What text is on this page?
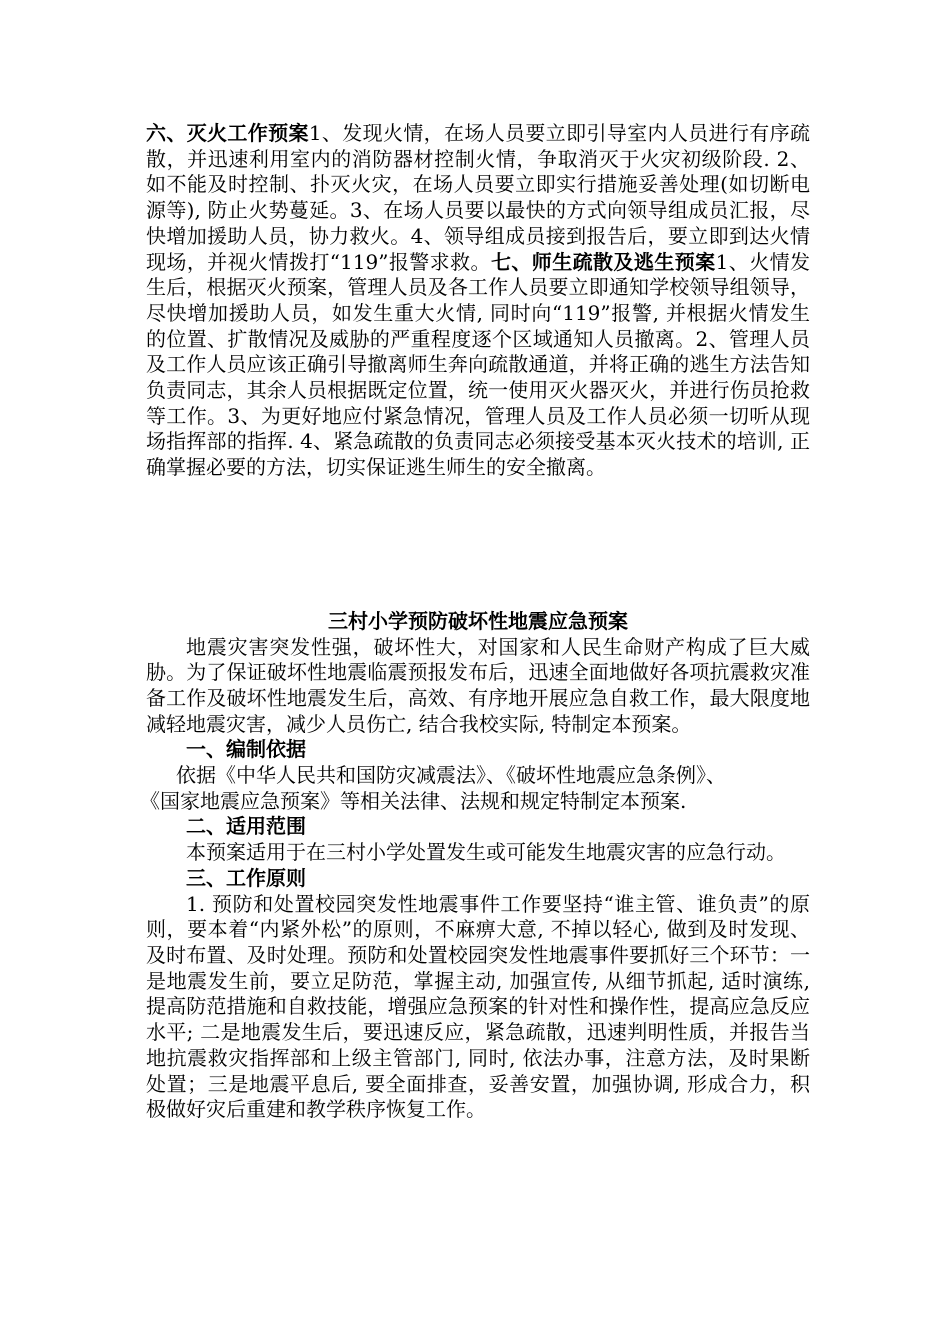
六、灭火工作预案1、发现火情，在场人员要立即引导室内人员进行有序疏散，并迅速利用室内的消防器材控制火情，争取消灭于火灾初级阶段. 2、如不能及时控制、扑灭火灾，在场人员要立即实行措施妥善处理(如切断电源等), 防止火势蔓延。3、在场人员要以最快的方式向领导组成员汇报，尽快增加援助人员，协力救火。4、领导组成员接到报告后，要立即到达火情现场，并视火情拨打“119”报警求救。七、师生疏散及逃生预案1、火情发生后，根据灭火预案，管理人员及各工作人员要立即通知学校领导组领导，尽快增加援助人员，如发生重大火情, 同时向“119”报警, 并根据火情发生的位置、扩散情况及威胁的严重程度逐个区域通知人员撤离。2、管理人员及工作人员应该正确引导撤离师生奔向疏散通道，并将正确的逃生方法告知负责同志，其余人员根据既定位置，统一使用灭火器灭火，并进行伤员抢救等工作。3、为更好地应付紧急情况，管理人员及工作人员必须一切听从现场指挥部的指挥. 4、紧急疏散的负责同志必须接受基本灭火技术的培训, 正确掌握必要的方法，切实保证逃生师生的安全撤离。

三村小学预防破坏性地震应急预案

地震灾害突发性强，破坏性大，对国家和人民生命财产构成了巨大威胁。为了保证破坏性地震临震预报发布后，迅速全面地做好各项抗震救灾准备工作及破坏性地震发生后，高效、有序地开展应急自救工作，最大限度地减轻地震灾害，减少人员伤亡, 结合我校实际, 特制定本预案。

一、编制依据

依据《中华人民共和国防灾减震法》、《破坏性地震应急条例》、

《国家地震应急预案》等相关法律、法规和规定特制定本预案.

二、适用范围

本预案适用于在三村小学处置发生或可能发生地震灾害的应急行动。

三、工作原则

1. 预防和处置校园突发性地震事件工作要坚持“谁主管、谁负责”的原则，要本着“内紧外松”的原则，不麻痹大意, 不掉以轻心, 做到及时发现、及时布置、及时处理。预防和处置校园突发性地震事件要抓好三个环节：一是地震发生前，要立足防范，掌握主动, 加强宣传, 从细节抓起, 适时演练, 提高防范措施和自救技能，增强应急预案的针对性和操作性，提高应急反应水平; 二是地震发生后，要迅速反应，紧急疏散，迅速判明性质，并报告当地抗震救灾指挥部和上级主管部门, 同时, 依法办事，注意方法，及时果断处置；三是地震平息后, 要全面排查，妥善安置，加强协调, 形成合力，积极做好灾后重建和教学秩序恢复工作。
